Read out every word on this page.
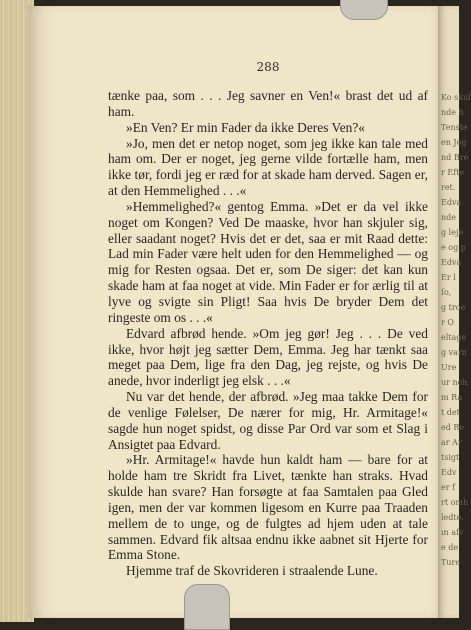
Ko skul
nde h
Tenste
en Jeg
nd Bre
r Efte
ret.
Edva
nde
g leje
e og p
Edva
Er l
ſo,
g troe
r O
eltage
g varn
Ure
ur neh
m Ra
t det
ed Re
ar Ar
tsigt
Edv
er f
rt omh
ledte.
ın afv
e de
Ture
288

tænke paa, som . . . Jeg savner en Ven!« brast det ud af ham.

»En Ven? Er min Fader da ikke Deres Ven?«

»Jo, men det er netop noget, som jeg ikke kan tale med ham om. Der er noget, jeg gerne vilde fortælle ham, men ikke tør, fordi jeg er ræd for at skade ham derved. Sagen er, at den Hemmelighed . . .«

»Hemmelighed?« gentog Emma. »Det er da vel ikke noget om Kongen? Ved De maaske, hvor han skjuler sig, eller saadant noget? Hvis det er det, saa er mit Raad dette: Lad min Fader være helt uden for den Hemmelighed — og mig for Resten ogsaa. Det er, som De siger: det kan kun skade ham at faa noget at vide. Min Fader er for ærlig til at lyve og svigte sin Pligt! Saa hvis De bryder Dem det ringeste om os . . .«

Edvard afbrød hende. »Om jeg gør! Jeg . . . De ved ikke, hvor højt jeg sætter Dem, Emma. Jeg har tænkt saa meget paa Dem, lige fra den Dag, jeg rejste, og hvis De anede, hvor inderligt jeg elsk . . .«

Nu var det hende, der afbrød. »Jeg maa takke Dem for de venlige Følelser, De nærer for mig, Hr. Armitage!« sagde hun noget spidst, og disse Par Ord var som et Slag i Ansigtet paa Edvard.

»Hr. Armitage!« havde hun kaldt ham — bare for at holde ham tre Skridt fra Livet, tænkte han straks. Hvad skulde han svare? Han forsøgte at faa Samtalen paa Gled igen, men der var kommen ligesom en Kurre paa Traaden mellem de to unge, og de fulgtes ad hjem uden at tale sammen. Edvard fik altsaa endnu ikke aabnet sit Hjerte for Emma Stone.

Hjemme traf de Skovrideren i straalende Lune.
